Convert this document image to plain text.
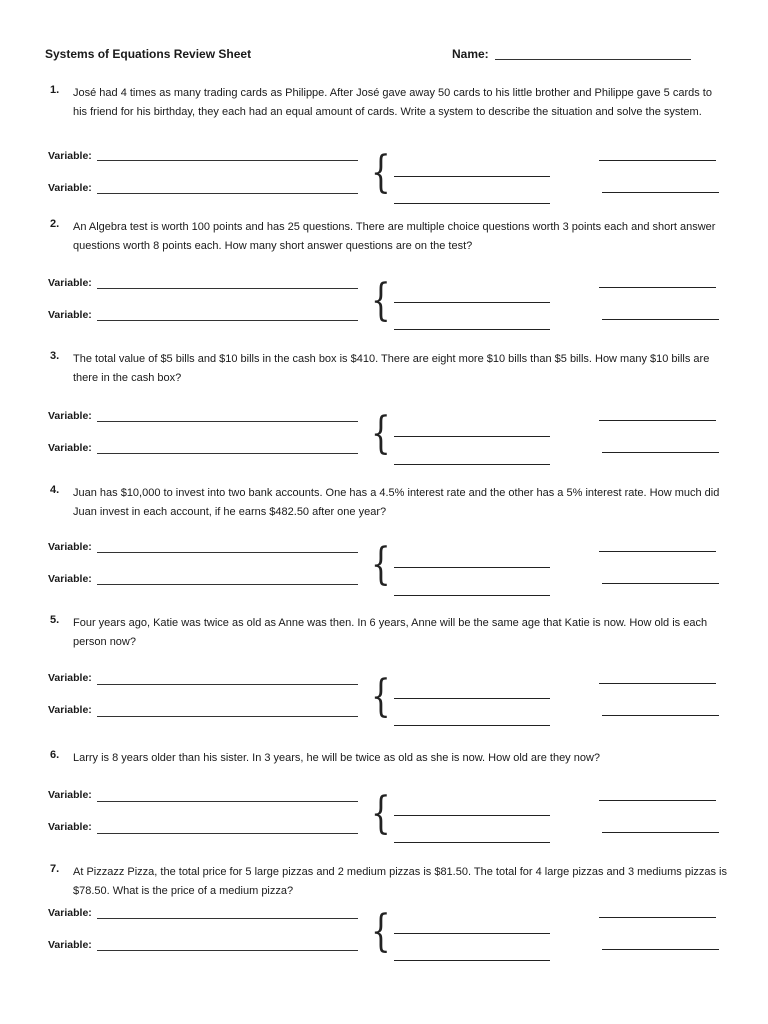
Systems of Equations Review Sheet	Name:
1. José had 4 times as many trading cards as Philippe. After José gave away 50 cards to his little brother and Philippe gave 5 cards to his friend for his birthday, they each had an equal amount of cards. Write a system to describe the situation and solve the system.
Variable:
Variable:	{
2. An Algebra test is worth 100 points and has 25 questions. There are multiple choice questions worth 3 points each and short answer questions worth 8 points each. How many short answer questions are on the test?
Variable:
Variable:	{
3. The total value of $5 bills and $10 bills in the cash box is $410. There are eight more $10 bills than $5 bills. How many $10 bills are there in the cash box?
Variable:
Variable:	{
4. Juan has $10,000 to invest into two bank accounts. One has a 4.5% interest rate and the other has a 5% interest rate. How much did Juan invest in each account, if he earns $482.50 after one year?
Variable:
Variable:	{
5. Four years ago, Katie was twice as old as Anne was then. In 6 years, Anne will be the same age that Katie is now. How old is each person now?
Variable:
Variable:	{
6. Larry is 8 years older than his sister. In 3 years, he will be twice as old as she is now. How old are they now?
Variable:
Variable:	{
7. At Pizzazz Pizza, the total price for 5 large pizzas and 2 medium pizzas is $81.50. The total for 4 large pizzas and 3 mediums pizzas is $78.50. What is the price of a medium pizza?
Variable:
Variable:	{
